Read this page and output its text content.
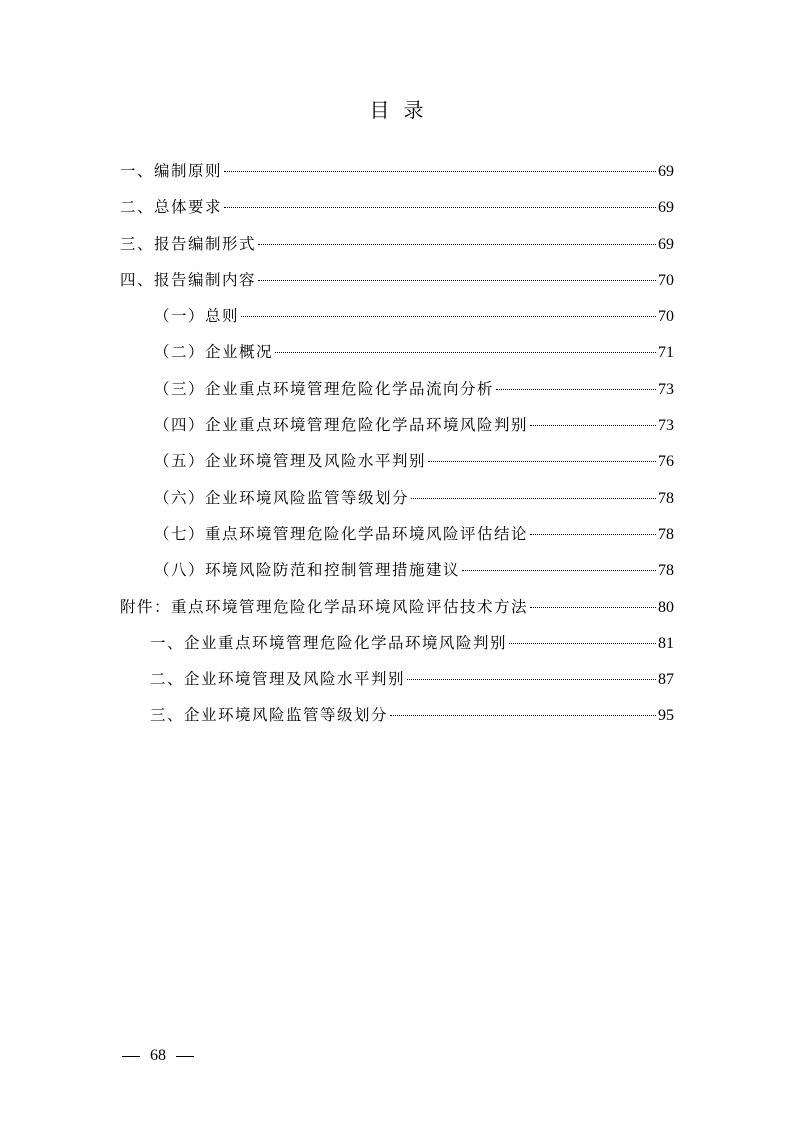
目录
一、编制原则	69
二、总体要求	69
三、报告编制形式	69
四、报告编制内容	70
（一）总则	70
（二）企业概况	71
（三）企业重点环境管理危险化学品流向分析	73
（四）企业重点环境管理危险化学品环境风险判别	73
（五）企业环境管理及风险水平判别	76
（六）企业环境风险监管等级划分	78
（七）重点环境管理危险化学品环境风险评估结论	78
（八）环境风险防范和控制管理措施建议	78
附件：重点环境管理危险化学品环境风险评估技术方法	80
一、企业重点环境管理危险化学品环境风险判别	81
二、企业环境管理及风险水平判别	87
三、企业环境风险监管等级划分	95
68
